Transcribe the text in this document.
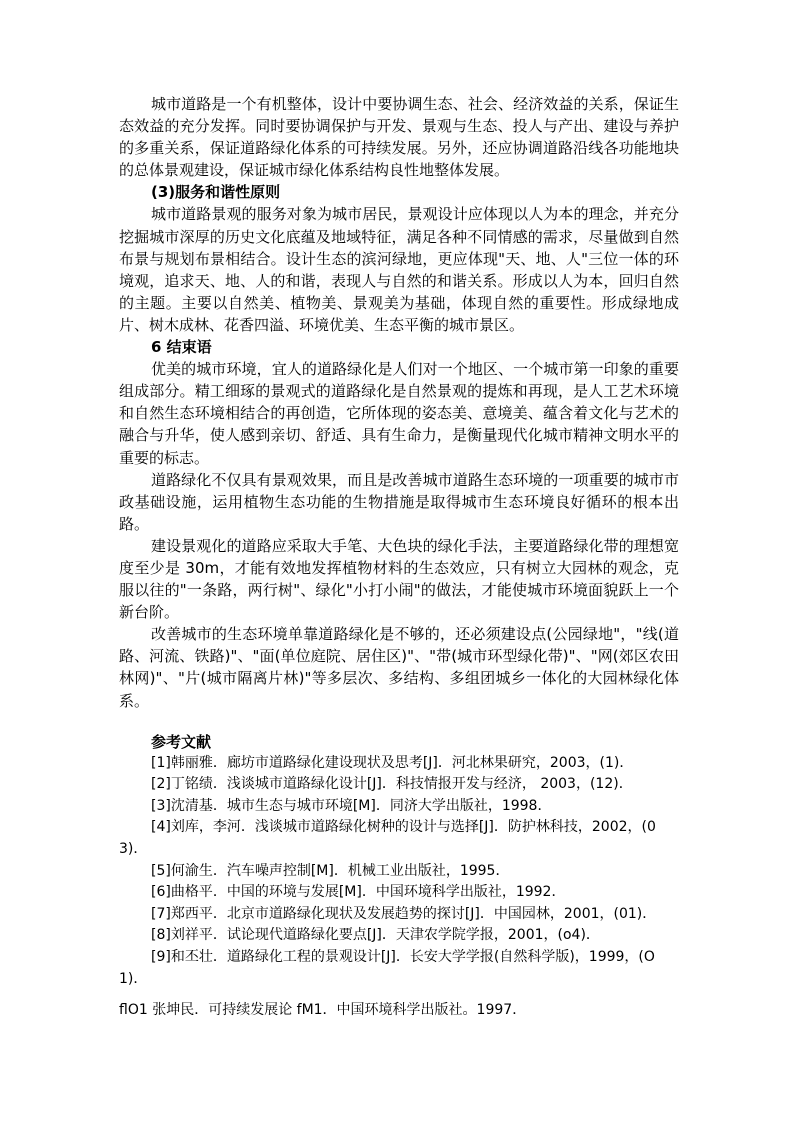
城市道路是一个有机整体，设计中要协调生态、社会、经济效益的关系，保证生态效益的充分发挥。同时要协调保护与开发、景观与生态、投人与产出、建设与养护的多重关系，保证道路绿化体系的可持续发展。另外，还应协调道路沿线各功能地块的总体景观建设，保证城市绿化体系结构良性地整体发展。

(3)服务和谐性原则

城市道路景观的服务对象为城市居民，景观设计应体现以人为本的理念，并充分挖掘城市深厚的历史文化底蕴及地域特征，满足各种不同情感的需求，尽量做到自然布景与规划布景相结合。设计生态的滨河绿地，更应体现"天、地、人"三位一体的环境观，追求天、地、人的和谐，表现人与自然的和谐关系。形成以人为本，回归自然的主题。主要以自然美、植物美、景观美为基础，体现自然的重要性。形成绿地成片、树木成林、花香四溢、环境优美、生态平衡的城市景区。

6 结束语

优美的城市环境，宜人的道路绿化是人们对一个地区、一个城市第一印象的重要组成部分。精工细琢的景观式的道路绿化是自然景观的提炼和再现，是人工艺术环境和自然生态环境相结合的再创造，它所体现的姿态美、意境美、蕴含着文化与艺术的融合与升华，使人感到亲切、舒适、具有生命力，是衡量现代化城市精神文明水平的重要的标志。

道路绿化不仅具有景观效果，而且是改善城市道路生态环境的一项重要的城市市政基础设施，运用植物生态功能的生物措施是取得城市生态环境良好循环的根本出路。

建设景观化的道路应采取大手笔、大色块的绿化手法，主要道路绿化带的理想宽度至少是 30m，才能有效地发挥植物材料的生态效应，只有树立大园林的观念，克服以往的"一条路，两行树"、绿化"小打小闹"的做法，才能使城市环境面貌跃上一个新台阶。

改善城市的生态环境单靠道路绿化是不够的，还必须建设点(公园绿地"，"线(道路、河流、铁路)"、"面(单位庭院、居住区)"、"带(城市环型绿化带)"、"网(郊区农田林网)"、"片(城市隔离片林)"等多层次、多结构、多组团城乡一体化的大园林绿化体系。

参考文献

[1]韩丽雅．廊坊市道路绿化建设现状及思考[J]．河北林果研究，2003，(1)．

[2]丁铭绩．浅谈城市道路绿化设计[J]．科技情报开发与经济， 2003，(12)．

[3]沈清基．城市生态与城市环境[M]．同济大学出版社，1998．

[4]刘库，李河．浅谈城市道路绿化树种的设计与选择[J]．防护林科技，2002，(03)．

[5]何渝生．汽车噪声控制[M]．机械工业出版社，1995．

[6]曲格平．中国的环境与发展[M]．中国环境科学出版社，1992．

[7]郑西平．北京市道路绿化现状及发展趋势的探讨[J]．中国园林，2001，(01)．

[8]刘祥平．试论现代道路绿化要点[J]．天津农学院学报，2001，(o4)．

[9]和丕壮．道路绿化工程的景观设计[J]．长安大学学报(自然科学版)，1999，(O1)．

flO1 张坤民．可持续发展论 fM1．中国环境科学出版社。1997．
